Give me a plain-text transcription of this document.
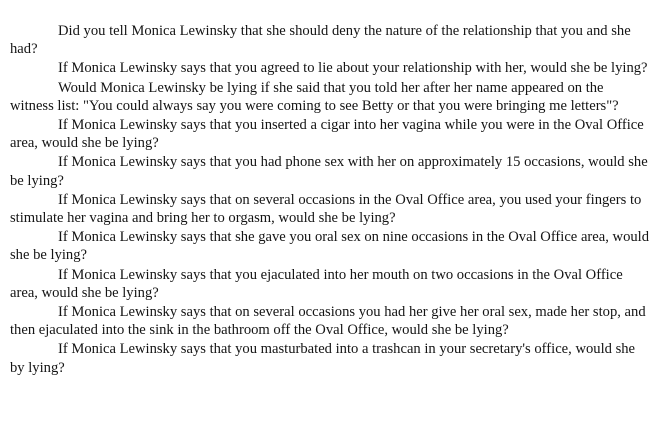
Did you tell Monica Lewinsky that she should deny the nature of the relationship that you and she had?

If Monica Lewinsky says that you agreed to lie about your relationship with her, would she be lying?

Would Monica Lewinsky be lying if she said that you told her after her name appeared on the witness list: "You could always say you were coming to see Betty or that you were bringing me letters"?

If Monica Lewinsky says that you inserted a cigar into her vagina while you were in the Oval Office area, would she be lying?

If Monica Lewinsky says that you had phone sex with her on approximately 15 occasions, would she be lying?

If Monica Lewinsky says that on several occasions in the Oval Office area, you used your fingers to stimulate her vagina and bring her to orgasm, would she be lying?

If Monica Lewinsky says that she gave you oral sex on nine occasions in the Oval Office area, would she be lying?

If Monica Lewinsky says that you ejaculated into her mouth on two occasions in the Oval Office area, would she be lying?

If Monica Lewinsky says that on several occasions you had her give her oral sex, made her stop, and then ejaculated into the sink in the bathroom off the Oval Office, would she be lying?

If Monica Lewinsky says that you masturbated into a trashcan in your secretary's office, would she by lying?
